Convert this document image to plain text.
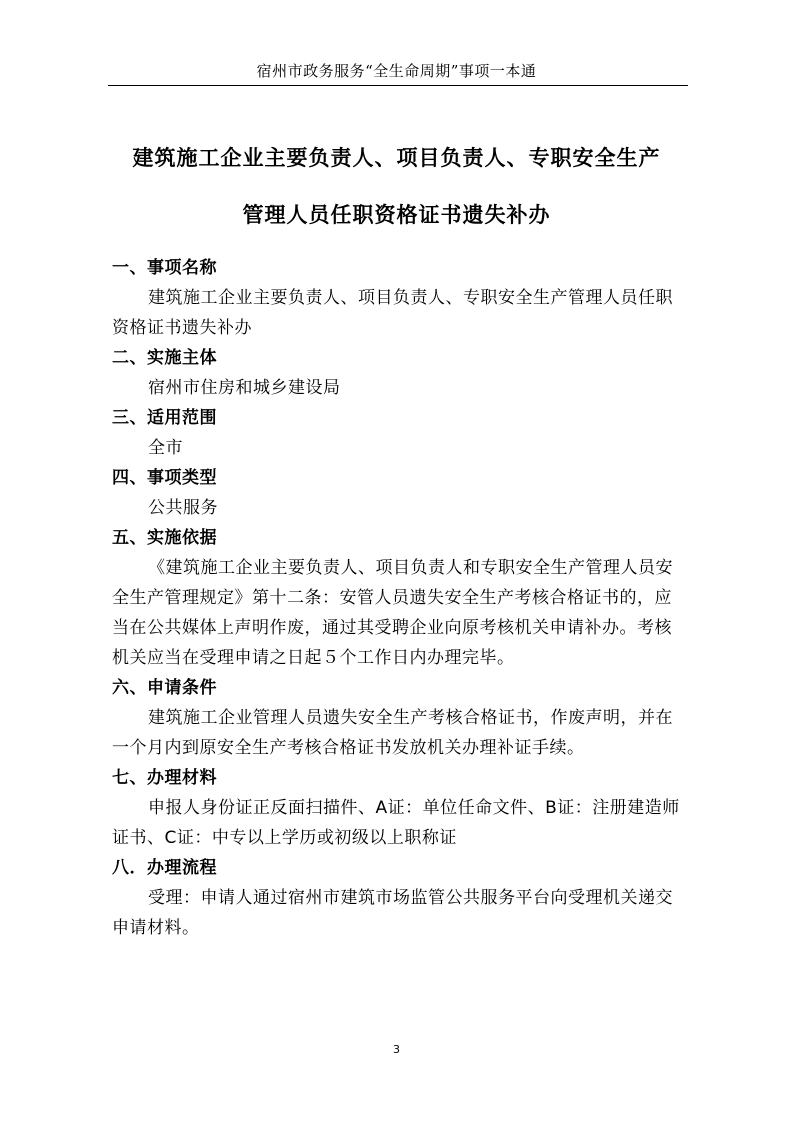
宿州市政务服务“全生命周期”事项一本通
建筑施工企业主要负责人、项目负责人、专职安全生产
管理人员任职资格证书遗失补办
一、事项名称
建筑施工企业主要负责人、项目负责人、专职安全生产管理人员任职资格证书遗失补办
二、实施主体
宿州市住房和城乡建设局
三、适用范围
全市
四、事项类型
公共服务
五、实施依据
《建筑施工企业主要负责人、项目负责人和专职安全生产管理人员安全生产管理规定》第十二条：安管人员遗失安全生产考核合格证书的，应当在公共媒体上声明作废，通过其受聘企业向原考核机关申请补办。考核机关应当在受理申请之日起５个工作日内办理完毕。
六、申请条件
建筑施工企业管理人员遗失安全生产考核合格证书，作废声明，并在一个月内到原安全生产考核合格证书发放机关办理补证手续。
七、办理材料
申报人身份证正反面扫描件、A证：单位任命文件、B证：注册建造师证书、C证：中专以上学历或初级以上职称证
八．办理流程
受理：申请人通过宿州市建筑市场监管公共服务平台向受理机关递交申请材料。
3
